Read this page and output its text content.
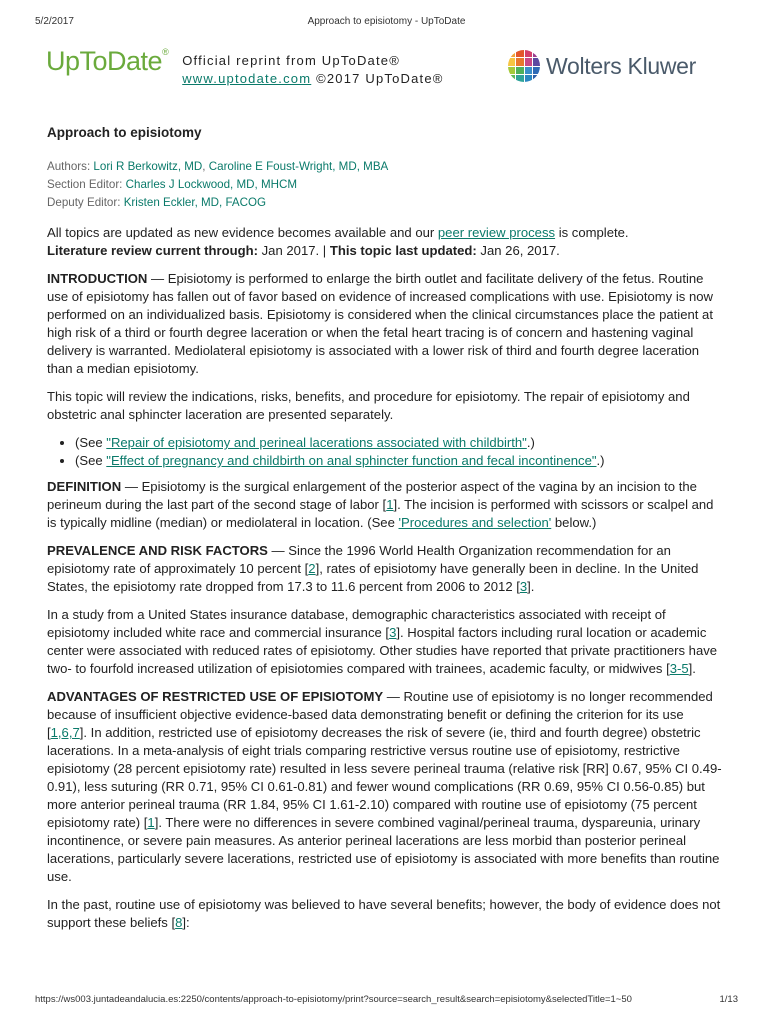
5/2/2017	Approach to episiotomy - UpToDate
UpToDate®
Official reprint from UpToDate®
www.uptodate.com ©2017 UpToDate®	Wolters Kluwer
Approach to episiotomy
Authors: Lori R Berkowitz, MD, Caroline E Foust-Wright, MD, MBA
Section Editor: Charles J Lockwood, MD, MHCM
Deputy Editor: Kristen Eckler, MD, FACOG

All topics are updated as new evidence becomes available and our peer review process is complete.
Literature review current through: Jan 2017. | This topic last updated: Jan 26, 2017.

INTRODUCTION — Episiotomy is performed to enlarge the birth outlet and facilitate delivery of the fetus. Routine use of episiotomy has fallen out of favor based on evidence of increased complications with use. Episiotomy is now performed on an individualized basis. Episiotomy is considered when the clinical circumstances place the patient at high risk of a third or fourth degree laceration or when the fetal heart tracing is of concern and hastening vaginal delivery is warranted. Mediolateral episiotomy is associated with a lower risk of third and fourth degree laceration than a median episiotomy.

This topic will review the indications, risks, benefits, and procedure for episiotomy. The repair of episiotomy and obstetric anal sphincter laceration are presented separately.

• (See "Repair of episiotomy and perineal lacerations associated with childbirth".)
• (See "Effect of pregnancy and childbirth on anal sphincter function and fecal incontinence".)

DEFINITION — Episiotomy is the surgical enlargement of the posterior aspect of the vagina by an incision to the perineum during the last part of the second stage of labor [1]. The incision is performed with scissors or scalpel and is typically midline (median) or mediolateral in location. (See 'Procedures and selection' below.)

PREVALENCE AND RISK FACTORS — Since the 1996 World Health Organization recommendation for an episiotomy rate of approximately 10 percent [2], rates of episiotomy have generally been in decline. In the United States, the episiotomy rate dropped from 17.3 to 11.6 percent from 2006 to 2012 [3].

In a study from a United States insurance database, demographic characteristics associated with receipt of episiotomy included white race and commercial insurance [3]. Hospital factors including rural location or academic center were associated with reduced rates of episiotomy. Other studies have reported that private practitioners have two- to fourfold increased utilization of episiotomies compared with trainees, academic faculty, or midwives [3-5].

ADVANTAGES OF RESTRICTED USE OF EPISIOTOMY — Routine use of episiotomy is no longer recommended because of insufficient objective evidence-based data demonstrating benefit or defining the criterion for its use [1,6,7]. In addition, restricted use of episiotomy decreases the risk of severe (ie, third and fourth degree) obstetric lacerations. In a meta-analysis of eight trials comparing restrictive versus routine use of episiotomy, restrictive episiotomy (28 percent episiotomy rate) resulted in less severe perineal trauma (relative risk [RR] 0.67, 95% CI 0.49-0.91), less suturing (RR 0.71, 95% CI 0.61-0.81) and fewer wound complications (RR 0.69, 95% CI 0.56-0.85) but more anterior perineal trauma (RR 1.84, 95% CI 1.61-2.10) compared with routine use of episiotomy (75 percent episiotomy rate) [1]. There were no differences in severe combined vaginal/perineal trauma, dyspareunia, urinary incontinence, or severe pain measures. As anterior perineal lacerations are less morbid than posterior perineal lacerations, particularly severe lacerations, restricted use of episiotomy is associated with more benefits than routine use.

In the past, routine use of episiotomy was believed to have several benefits; however, the body of evidence does not support these beliefs [8]:

https://ws003.juntadeandalucia.es:2250/contents/approach-to-episiotomy/print?source=search_result&search=episiotomy&selectedTitle=1~50	1/13
